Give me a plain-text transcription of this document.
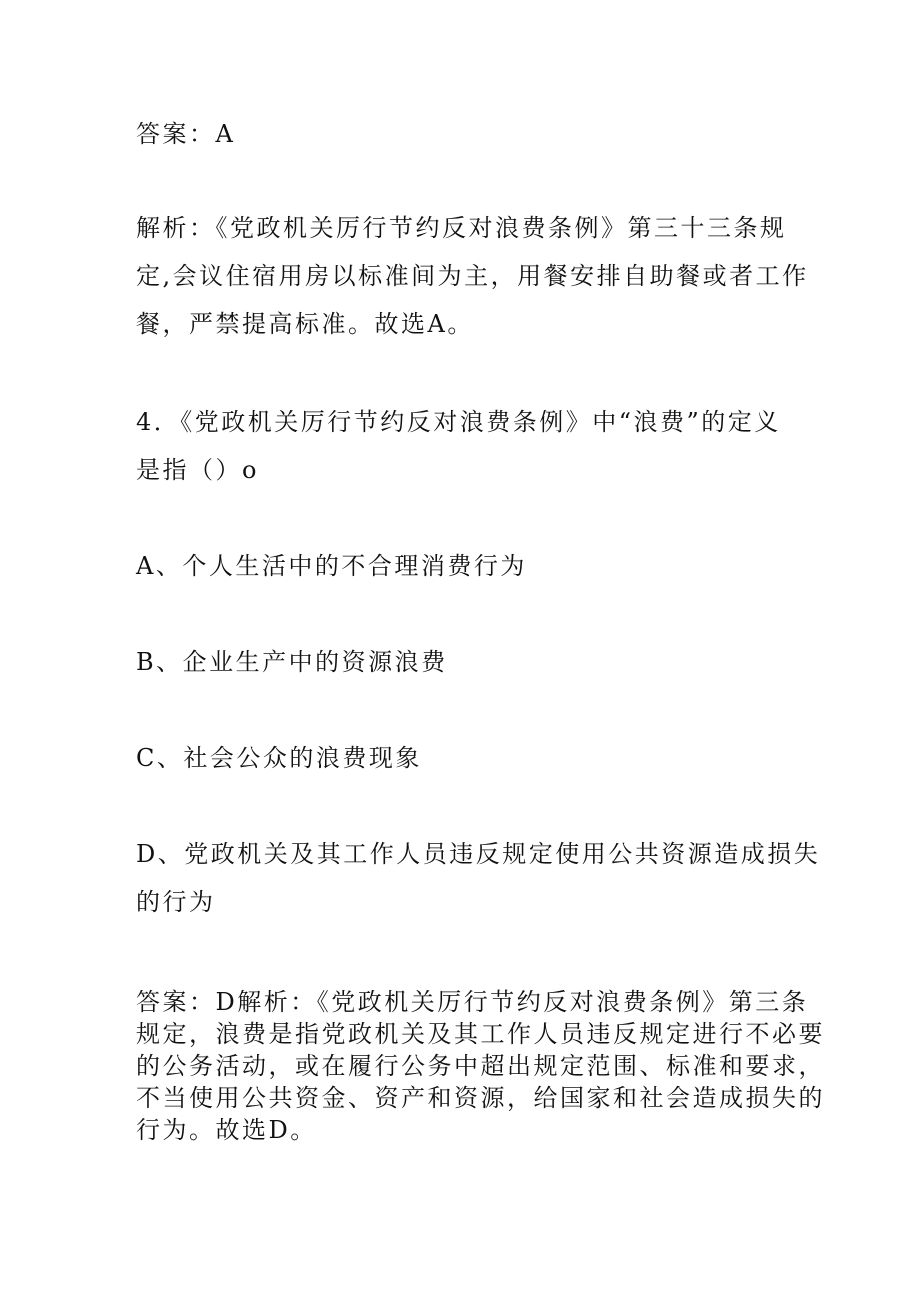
答案：A
解析：《党政机关厉行节约反对浪费条例》第三十三条规
定,会议住宿用房以标准间为主，用餐安排自助餐或者工作
餐，严禁提高标准。故选A。
4．《党政机关厉行节约反对浪费条例》中“浪费”的定义
是指（）o
A、个人生活中的不合理消费行为
B、企业生产中的资源浪费
C、社会公众的浪费现象
D、党政机关及其工作人员违反规定使用公共资源造成损失
的行为
答案：D解析：《党政机关厉行节约反对浪费条例》第三条
规定，浪费是指党政机关及其工作人员违反规定进行不必要
的公务活动，或在履行公务中超出规定范围、标准和要求，
不当使用公共资金、资产和资源，给国家和社会造成损失的
行为。故选D。
